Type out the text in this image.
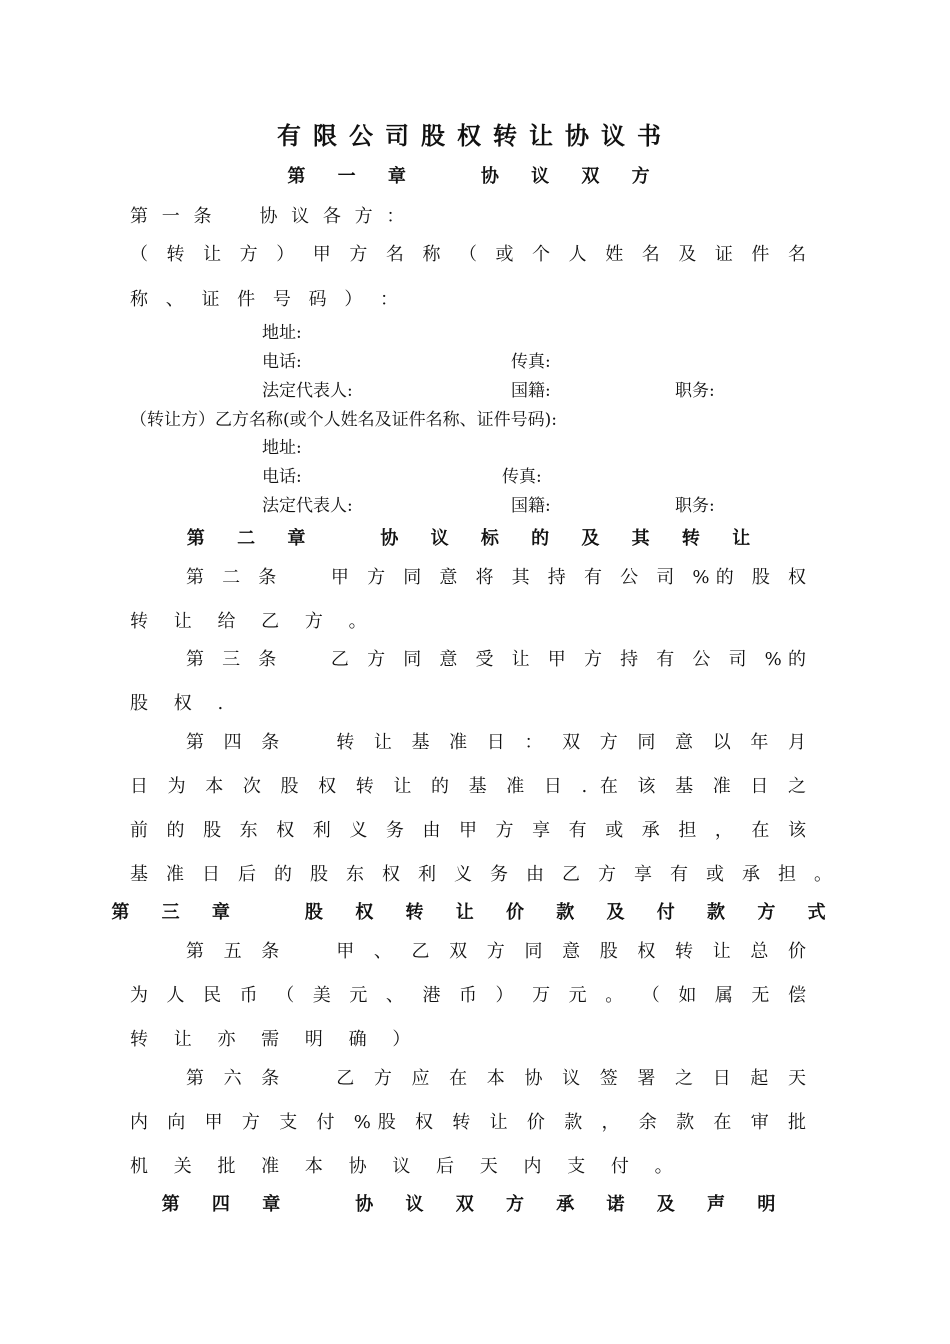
有限公司股权转让协议书
第 一 章　　协 议 双 方
第 一 条　　协 议 各 方 ：
（ 转 让 方 ） 甲 方 名 称 （ 或 个 人 姓 名 及 证 件 名
称 、 证 件 号 码 ） ：
地址:
电话:	传真:
法定代表人:	国籍:	职务:
（转让方）乙方名称(或个人姓名及证件名称、证件号码):
地址:
电话:	传真:
法定代表人:	国籍:	职务:
第 二 章　　协 议 标 的 及 其 转 让
第 二 条　　甲 方 同 意 将 其 持 有 公 司 %的 股 权
转 让 给 乙 方 。
第 三 条　　乙 方 同 意 受 让 甲 方 持 有 公 司 %的
股 权 .
第 四 条　　转 让 基 准 日 ： 双 方 同 意 以 年 月
日 为 本 次 股 权 转 让 的 基 准 日 . 在 该 基 准 日 之
前 的 股 东 权 利 义 务 由 甲 方 享 有 或 承 担 ， 在 该
基 准 日 后 的 股 东 权 利 义 务 由 乙 方 享 有 或 承 担 。
第 三 章　　股 权 转 让 价 款 及 付 款 方 式
第 五 条　　甲 、 乙 双 方 同 意 股 权 转 让 总 价
为 人 民 币 （ 美 元 、 港 币 ） 万 元 。 （ 如 属 无 偿
转 让 亦 需 明 确 ）
第 六 条　　乙 方 应 在 本 协 议 签 署 之 日 起 天
内 向 甲 方 支 付 %股 权 转 让 价 款 ， 余 款 在 审 批
机 关 批 准 本 协 议 后 天 内 支 付 。
第 四 章　　协 议 双 方 承 诺 及 声 明
